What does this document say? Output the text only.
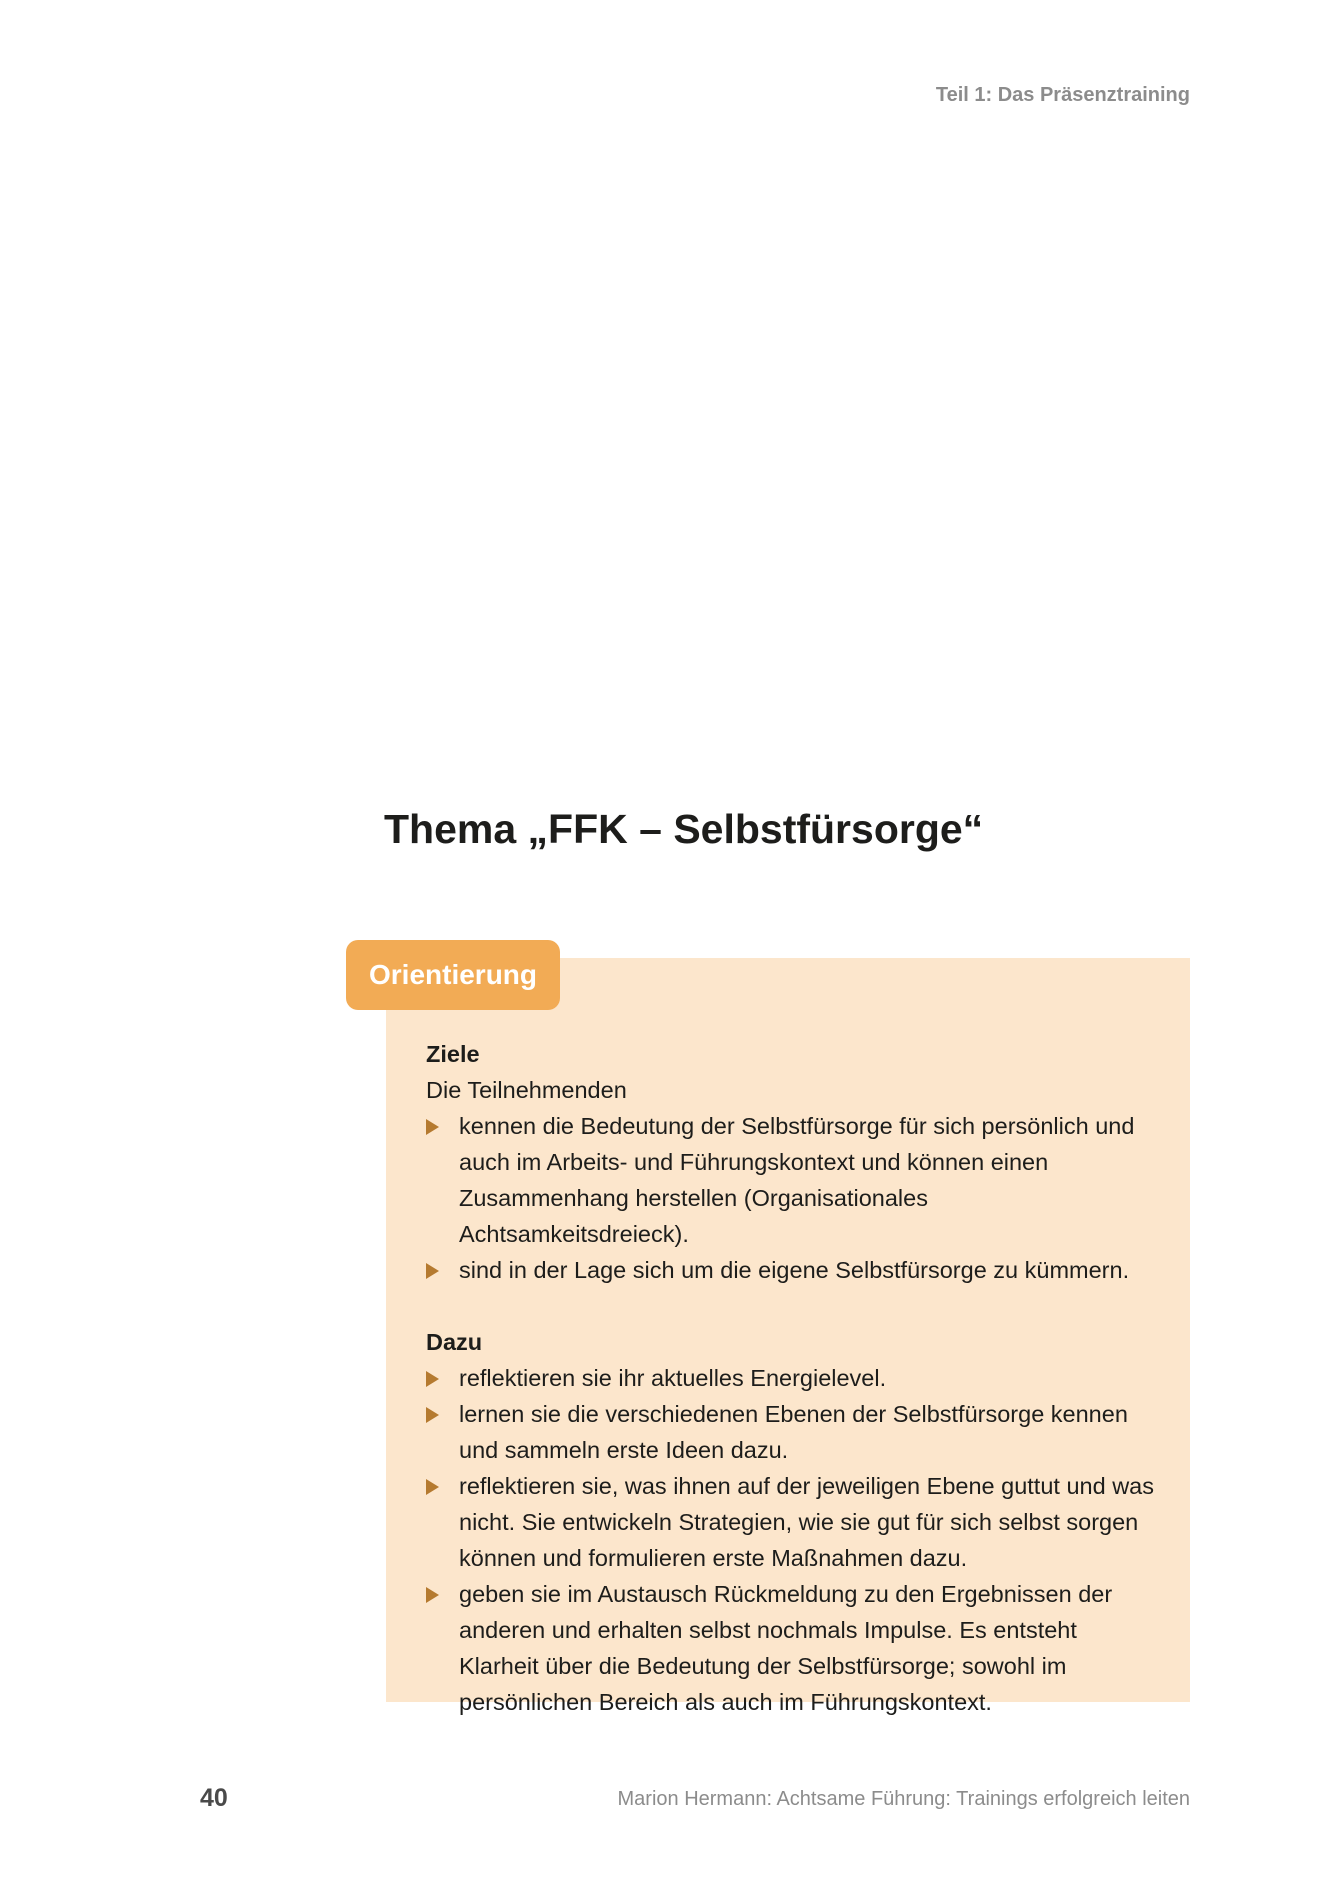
Teil 1: Das Präsenztraining
Thema „FFK – Selbstfürsorge“
Orientierung

Ziele

Die Teilnehmenden

kennen die Bedeutung der Selbstfürsorge für sich persönlich und auch im Arbeits- und Führungskontext und können einen Zusammenhang herstellen (Organisationales Achtsamkeitsdreieck).
sind in der Lage sich um die eigene Selbstfürsorge zu kümmern.

Dazu

reflektieren sie ihr aktuelles Energielevel.
lernen sie die verschiedenen Ebenen der Selbstfürsorge kennen und sammeln erste Ideen dazu.
reflektieren sie, was ihnen auf der jeweiligen Ebene guttut und was nicht. Sie entwickeln Strategien, wie sie gut für sich selbst sorgen können und formulieren erste Maßnahmen dazu.
geben sie im Austausch Rückmeldung zu den Ergebnissen der anderen und erhalten selbst nochmals Impulse. Es entsteht Klarheit über die Bedeutung der Selbstfürsorge; sowohl im persönlichen Bereich als auch im Führungskontext.
40	Marion Hermann: Achtsame Führung: Trainings erfolgreich leiten
